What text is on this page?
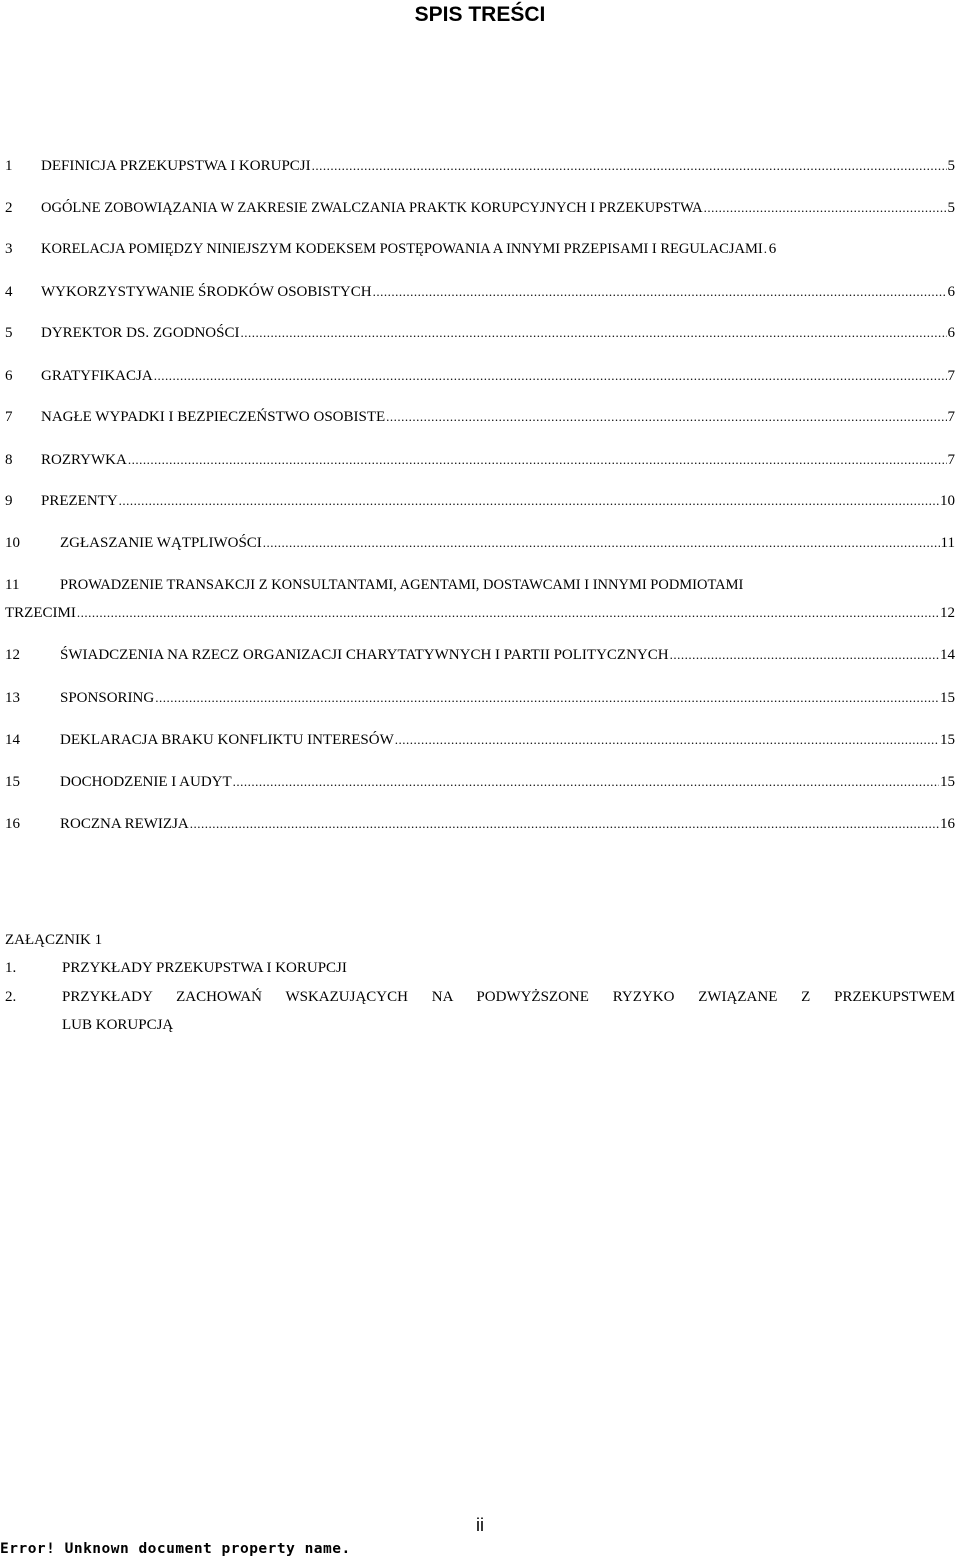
SPIS TREŚCI
1	DEFINICJA PRZEKUPSTWA I KORUPCJI .....	5
2	OGÓLNE ZOBOWIĄZANIA W ZAKRESIE ZWALCZANIA PRAKTK KORUPCYJNYCH I PRZEKUPSTWA .....	5
3	KORELACJA POMIĘDZY NINIEJSZYM KODEKSEM POSTĘPOWANIA A INNYMI PRZEPISAMI I REGULACJAMI ..... 6
4	WYKORZYSTYWANIE ŚRODKÓW OSOBISTYCH .....	6
5	DYREKTOR DS. ZGODNOŚCI .....	6
6	GRATYFIKACJA .....	7
7	NAGŁE WYPADKI I BEZPIECZEŃSTWO OSOBISTE .....	7
8	ROZRYWKA .....	7
9	PREZENTY .....	10
10	ZGŁASZANIE WĄTPLIWOŚCI .....	11
11	PROWADZENIE TRANSAKCJI Z KONSULTANTAMI, AGENTAMI, DOSTAWCAMI I INNYMI PODMIOTAMI
TRZECIMI .....	12
12	ŚWIADCZENIA NA RZECZ ORGANIZACJI CHARYTATYWNYCH I PARTII POLITYCZNYCH .....	14
13	SPONSORING .....	15
14	DEKLARACJA BRAKU KONFLIKTU INTERESÓW .....	15
15	DOCHODZENIE I AUDYT .....	15
16	ROCZNA REWIZJA .....	16
ZAŁĄCZNIK 1
1.	PRZYKŁADY PRZEKUPSTWA I KORUPCJI
2.	PRZYKŁADY ZACHOWAŃ WSKAZUJĄCYCH NA PODWYŻSZONE RYZYKO ZWIĄZANE Z PRZEKUPSTWEM
LUB KORUPCJĄ
ii
Error! Unknown document property name.
